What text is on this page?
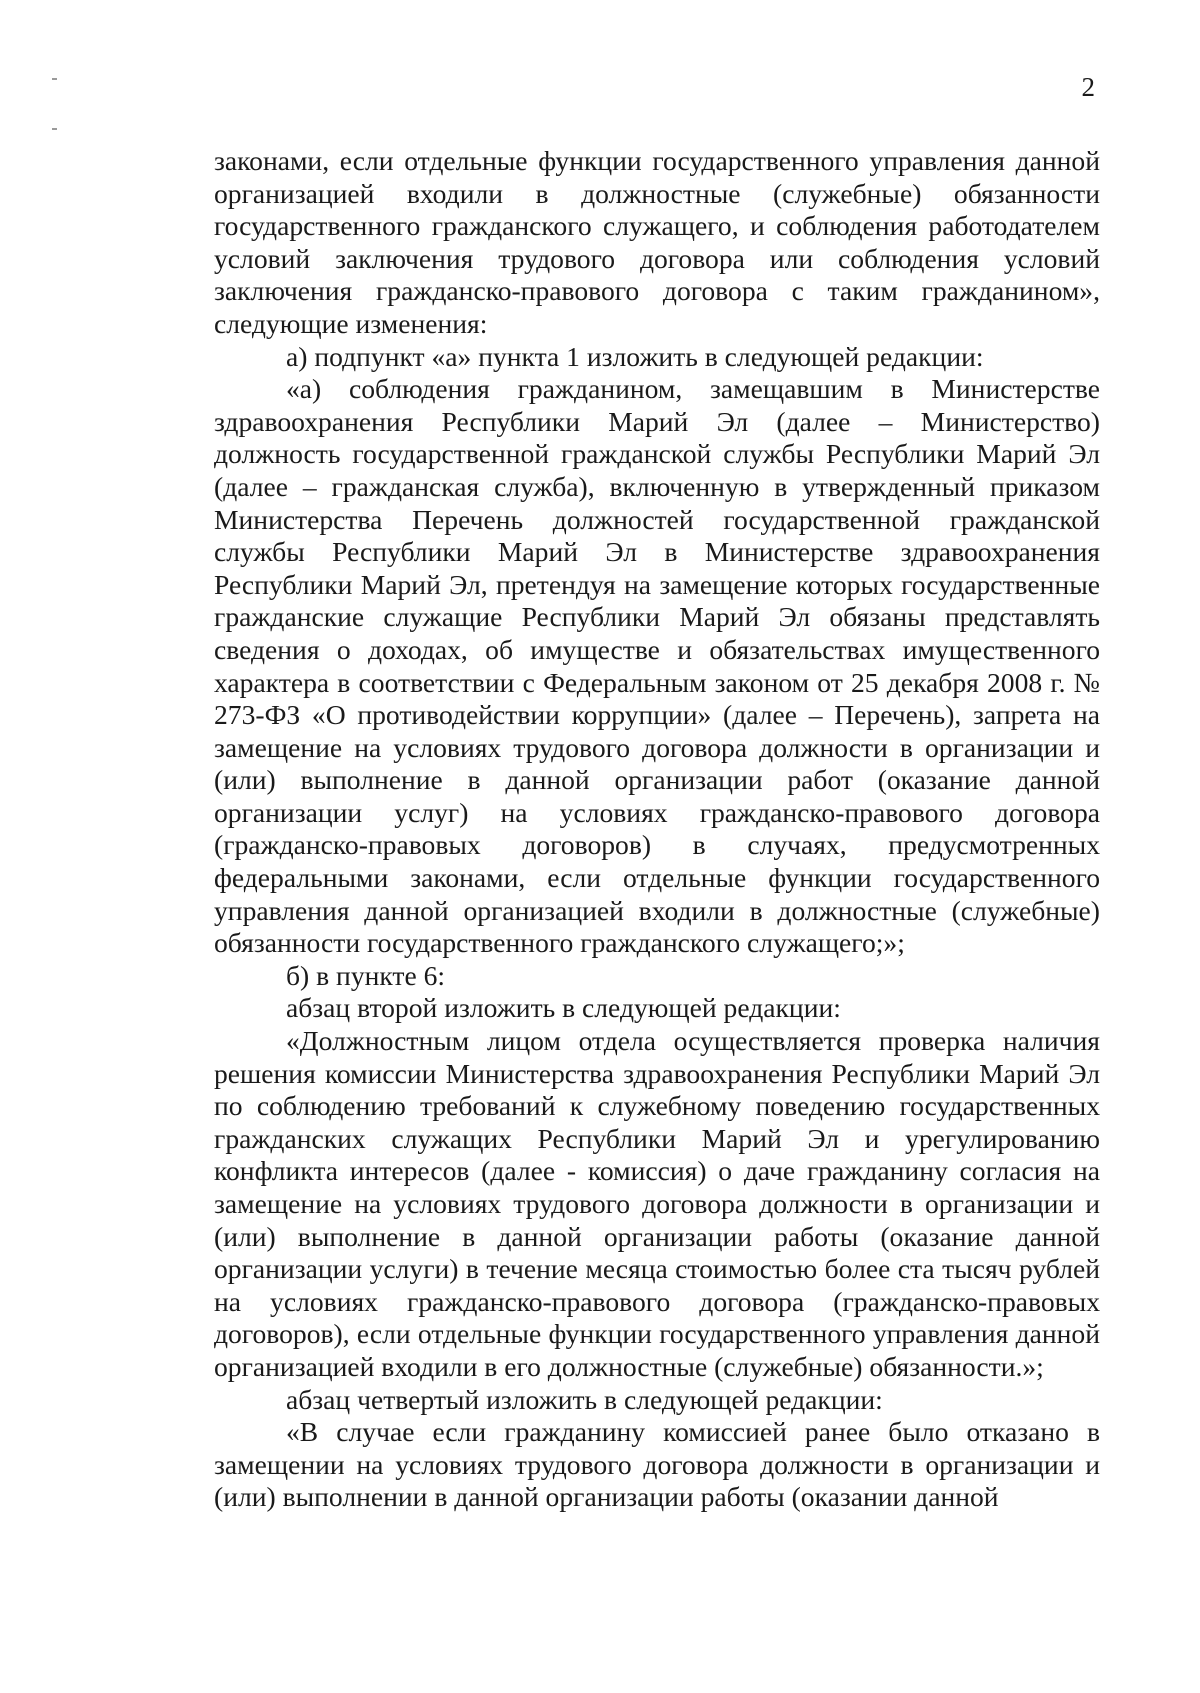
2

законами, если отдельные функции государственного управления данной организацией входили в должностные (служебные) обязанности государственного гражданского служащего, и соблюдения работодателем условий заключения трудового договора или соблюдения условий заключения гражданско-правового договора с таким гражданином», следующие изменения:

а) подпункт «а» пункта 1 изложить в следующей редакции:

«а) соблюдения гражданином, замещавшим в Министерстве здравоохранения Республики Марий Эл (далее – Министерство) должность государственной гражданской службы Республики Марий Эл (далее – гражданская служба), включенную в утвержденный приказом Министерства Перечень должностей государственной гражданской службы Республики Марий Эл в Министерстве здравоохранения Республики Марий Эл, претендуя на замещение которых государственные гражданские служащие Республики Марий Эл обязаны представлять сведения о доходах, об имуществе и обязательствах имущественного характера в соответствии с Федеральным законом от 25 декабря 2008 г. № 273-ФЗ «О противодействии коррупции» (далее – Перечень), запрета на замещение на условиях трудового договора должности в организации и (или) выполнение в данной организации работ (оказание данной организации услуг) на условиях гражданско-правового договора (гражданско-правовых договоров) в случаях, предусмотренных федеральными законами, если отдельные функции государственного управления данной организацией входили в должностные (служебные) обязанности государственного гражданского служащего;»;

б) в пункте 6:

абзац второй изложить в следующей редакции:

«Должностным лицом отдела осуществляется проверка наличия решения комиссии Министерства здравоохранения Республики Марий Эл по соблюдению требований к служебному поведению государственных гражданских служащих Республики Марий Эл и урегулированию конфликта интересов (далее - комиссия) о даче гражданину согласия на замещение на условиях трудового договора должности в организации и (или) выполнение в данной организации работы (оказание данной организации услуги) в течение месяца стоимостью более ста тысяч рублей на условиях гражданско-правового договора (гражданско-правовых договоров), если отдельные функции государственного управления данной организацией входили в его должностные (служебные) обязанности.»;

абзац четвертый изложить в следующей редакции:

«В случае если гражданину комиссией ранее было отказано в замещении на условиях трудового договора должности в организации и (или) выполнении в данной организации работы (оказании данной
